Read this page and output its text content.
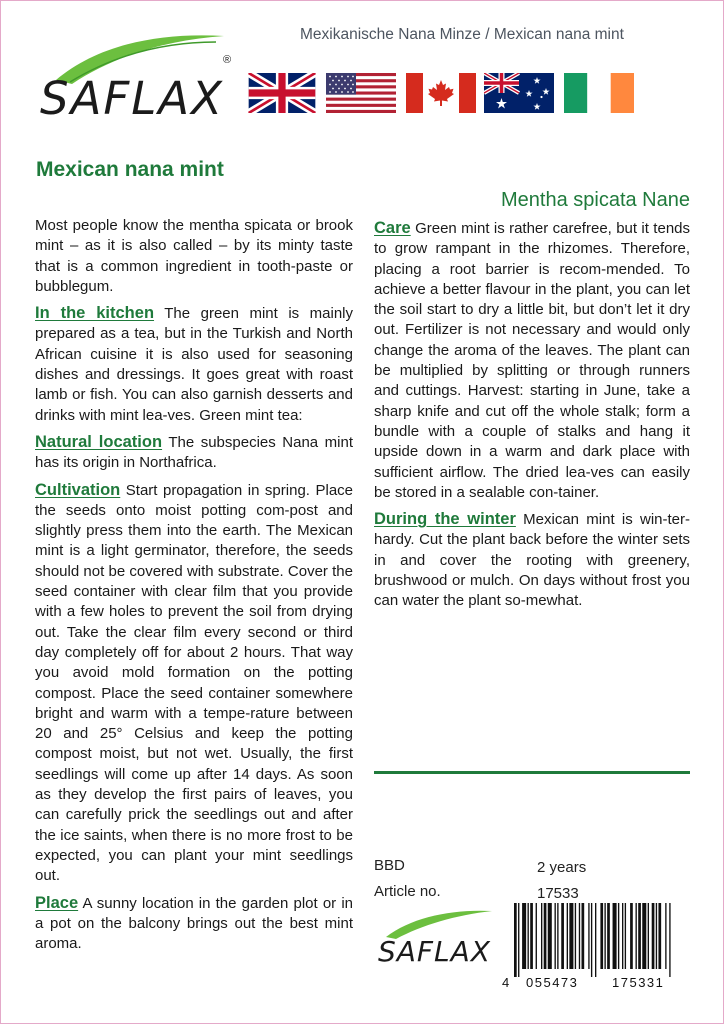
Mexikanische Nana Minze / Mexican nana mint
SAFLAX
®
Mexican nana mint
Mentha spicata Nane

Most people know the mentha spicata or brook mint – as it is also called – by its minty taste that is a common ingredient in tooth-paste or bubblegum.

In the kitchen The green mint is mainly prepared as a tea, but in the Turkish and North African cuisine it is also used for seasoning dishes and dressings. It goes great with roast lamb or fish. You can also garnish desserts and drinks with mint lea-ves. Green mint tea:

Natural location The subspecies Nana mint has its origin in Northafrica.

Cultivation Start propagation in spring. Place the seeds onto moist potting com-post and slightly press them into the earth. The Mexican mint is a light germinator, therefore, the seeds should not be covered with substrate. Cover the seed container with clear film that you provide with a few holes to prevent the soil from drying out. Take the clear film every second or third day completely off for about 2 hours. That way you avoid mold formation on the potting compost. Place the seed container somewhere bright and warm with a tempe-rature between 20 and 25° Celsius and keep the potting compost moist, but not wet. Usually, the first seedlings will come up after 14 days. As soon as they develop the first pairs of leaves, you can carefully prick the seedlings out and after the ice saints, when there is no more frost to be expected, you can plant your mint seedlings out.

Place A sunny location in the garden plot or in a pot on the balcony brings out the best mint aroma.

Care Green mint is rather carefree, but it tends to grow rampant in the rhizomes. Therefore, placing a root barrier is recom-mended. To achieve a better flavour in the plant, you can let the soil start to dry a little bit, but don’t let it dry out. Fertilizer is not necessary and would only change the aroma of the leaves. The plant can be multiplied by splitting or through runners and cuttings. Harvest: starting in June, take a sharp knife and cut off the whole stalk; form a bundle with a couple of stalks and hang it upside down in a warm and dark place with sufficient airflow. The dried lea-ves can easily be stored in a sealable con-tainer.

During the winter Mexican mint is win-ter-hardy. Cut the plant back before the winter sets in and cover the rooting with greenery, brushwood or mulch. On days without frost you can water the plant so-mewhat.

BBD	2 years
Article no.	17533
SAFLAX
4 055473	175331
